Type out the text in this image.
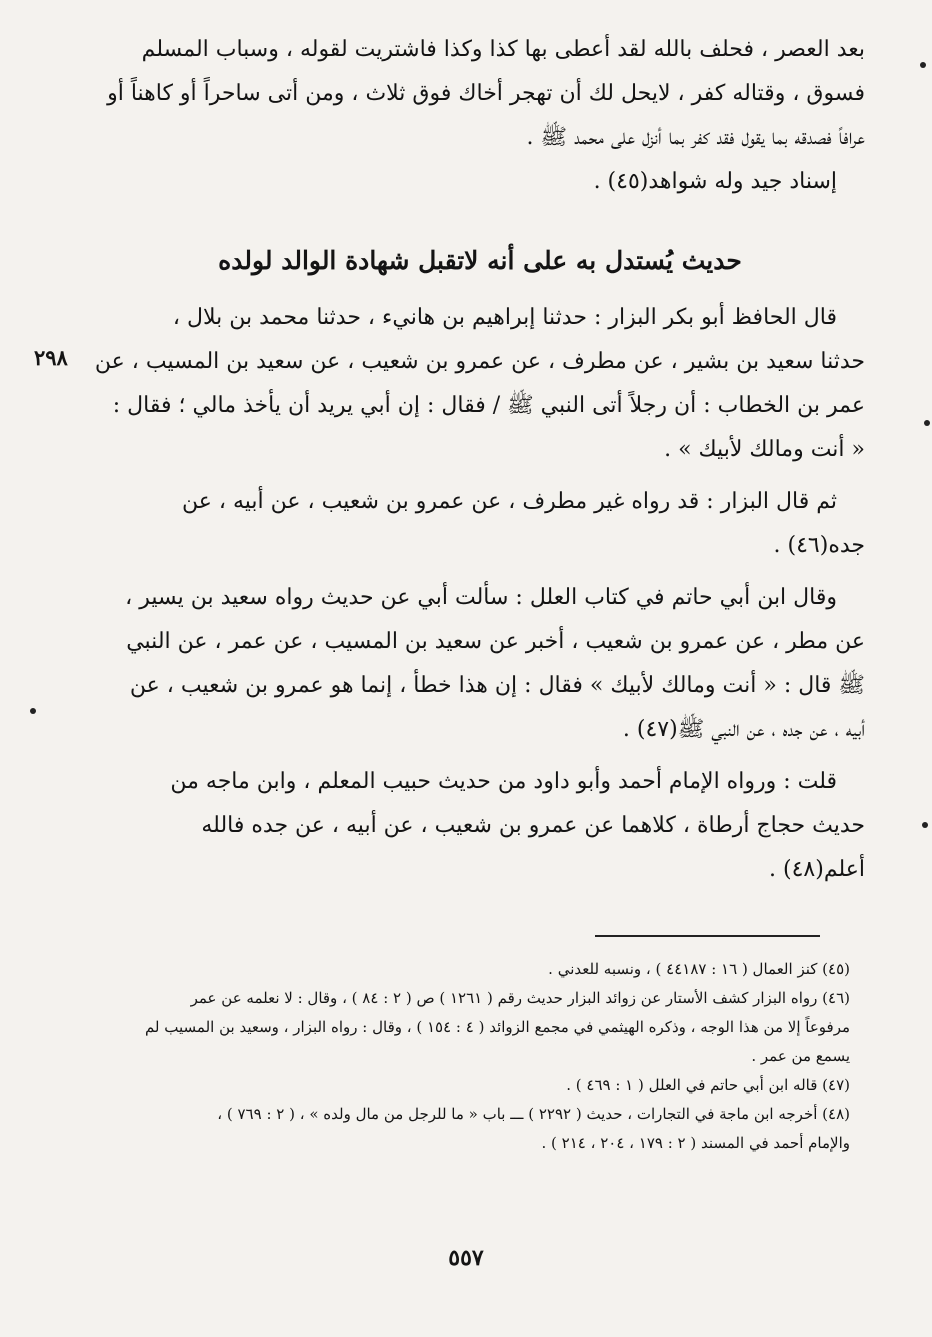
بعد العصر ، فحلف بالله لقد أعطى بها كذا وكذا فاشتريت لقوله ، وسباب المسلم
فسوق ، وقتاله كفر ، لايحل لك أن تهجر أخاك فوق ثلاث ، ومن أتى ساحراً أو كاهناً أو
عرافاً فصدقه بما يقول فقد كفر بما أنزل على محمد ﷺ .
إسناد جيد وله شواهد(٤٥) .
حديث يُستدل به على أنه لاتقبل شهادة الوالد لولده
قال الحافظ أبو بكر البزار : حدثنا إبراهيم بن هانيء ، حدثنا محمد بن بلال ،
حدثنا سعيد بن بشير ، عن مطرف ، عن عمرو بن شعيب ، عن سعيد بن المسيب ، عن
عمر بن الخطاب : أن رجلاً أتى النبي ﷺ / فقال : إن أبي يريد أن يأخذ مالي ؛ فقال :
« أنت ومالك لأبيك » .
ثم قال البزار : قد رواه غير مطرف ، عن عمرو بن شعيب ، عن أبيه ، عن
جده(٤٦) .
وقال ابن أبي حاتم في كتاب العلل : سألت أبي عن حديث رواه سعيد بن يسير ،
عن مطر ، عن عمرو بن شعيب ، أخبر عن سعيد بن المسيب ، عن عمر ، عن النبي
ﷺ قال : « أنت ومالك لأبيك » فقال : إن هذا خطأ ، إنما هو عمرو بن شعيب ، عن
أبيه ، عن جده ، عن النبي ﷺ(٤٧) .
قلت : ورواه الإمام أحمد وأبو داود من حديث حبيب المعلم ، وابن ماجه من
حديث حجاج أرطاة ، كلاهما عن عمرو بن شعيب ، عن أبيه ، عن جده فالله
أعلم(٤٨) .
٢٩٨
(٤٥) كنز العمال ( ١٦ : ٤٤١٨٧ ) ، ونسبه للعدني .
(٤٦) رواه البزار كشف الأستار عن زوائد البزار حديث رقم ( ١٢٦١ ) ص ( ٢ : ٨٤ ) ، وقال : لا نعلمه عن عمر
مرفوعاً إلا من هذا الوجه ، وذكره الهيثمي في مجمع الزوائد ( ٤ : ١٥٤ ) ، وقال : رواه البزار ، وسعيد بن المسيب لم
يسمع من عمر .
(٤٧) قاله ابن أبي حاتم في العلل ( ١ : ٤٦٩ ) .
(٤٨) أخرجه ابن ماجة في التجارات ، حديث ( ٢٢٩٢ ) ـــ باب « ما للرجل من مال ولده » ، ( ٢ : ٧٦٩ ) ،
والإمام أحمد في المسند ( ٢ : ١٧٩ ، ٢٠٤ ، ٢١٤ ) .
٥٥٧
